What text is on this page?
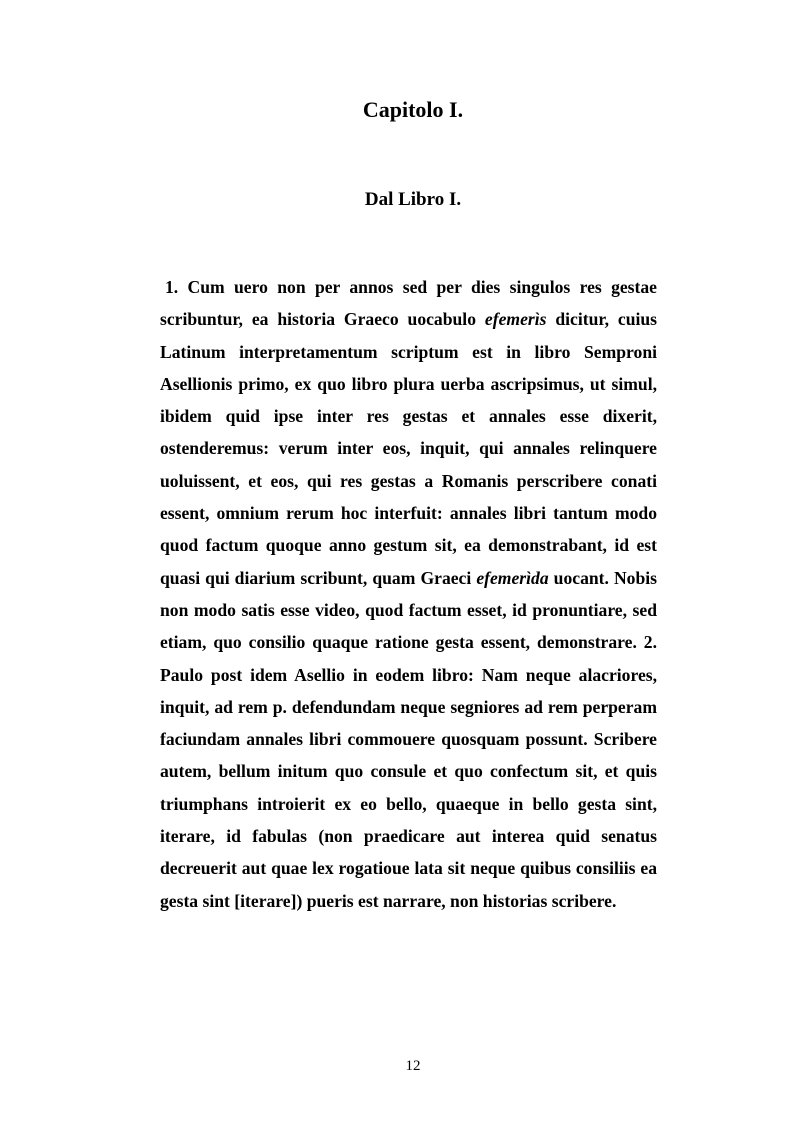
Capitolo I.
Dal Libro I.

1. Cum uero non per annos sed per dies singulos res gestae scribuntur, ea historia Graeco uocabulo efemerìs dicitur, cuius Latinum interpretamentum scriptum est in libro Semproni Asellionis primo, ex quo libro plura uerba ascripsimus, ut simul, ibidem quid ipse inter res gestas et annales esse dixerit, ostenderemus: verum inter eos, inquit, qui annales relinquere uoluissent, et eos, qui res gestas a Romanis perscribere conati essent, omnium rerum hoc interfuit: annales libri tantum modo quod factum quoque anno gestum sit, ea demonstrabant, id est quasi qui diarium scribunt, quam Graeci efemerìda uocant. Nobis non modo satis esse video, quod factum esset, id pronuntiare, sed etiam, quo consilio quaque ratione gesta essent, demonstrare. 2. Paulo post idem Asellio in eodem libro: Nam neque alacriores, inquit, ad rem p. defendundam neque segniores ad rem perperam faciundam annales libri commouere quosquam possunt. Scribere autem, bellum initum quo consule et quo confectum sit, et quis triumphans introierit ex eo bello, quaeque in bello gesta sint, iterare, id fabulas (non praedicare aut interea quid senatus decreuerit aut quae lex rogatioue lata sit neque quibus consiliis ea gesta sint [iterare]) pueris est narrare, non historias scribere.

12
